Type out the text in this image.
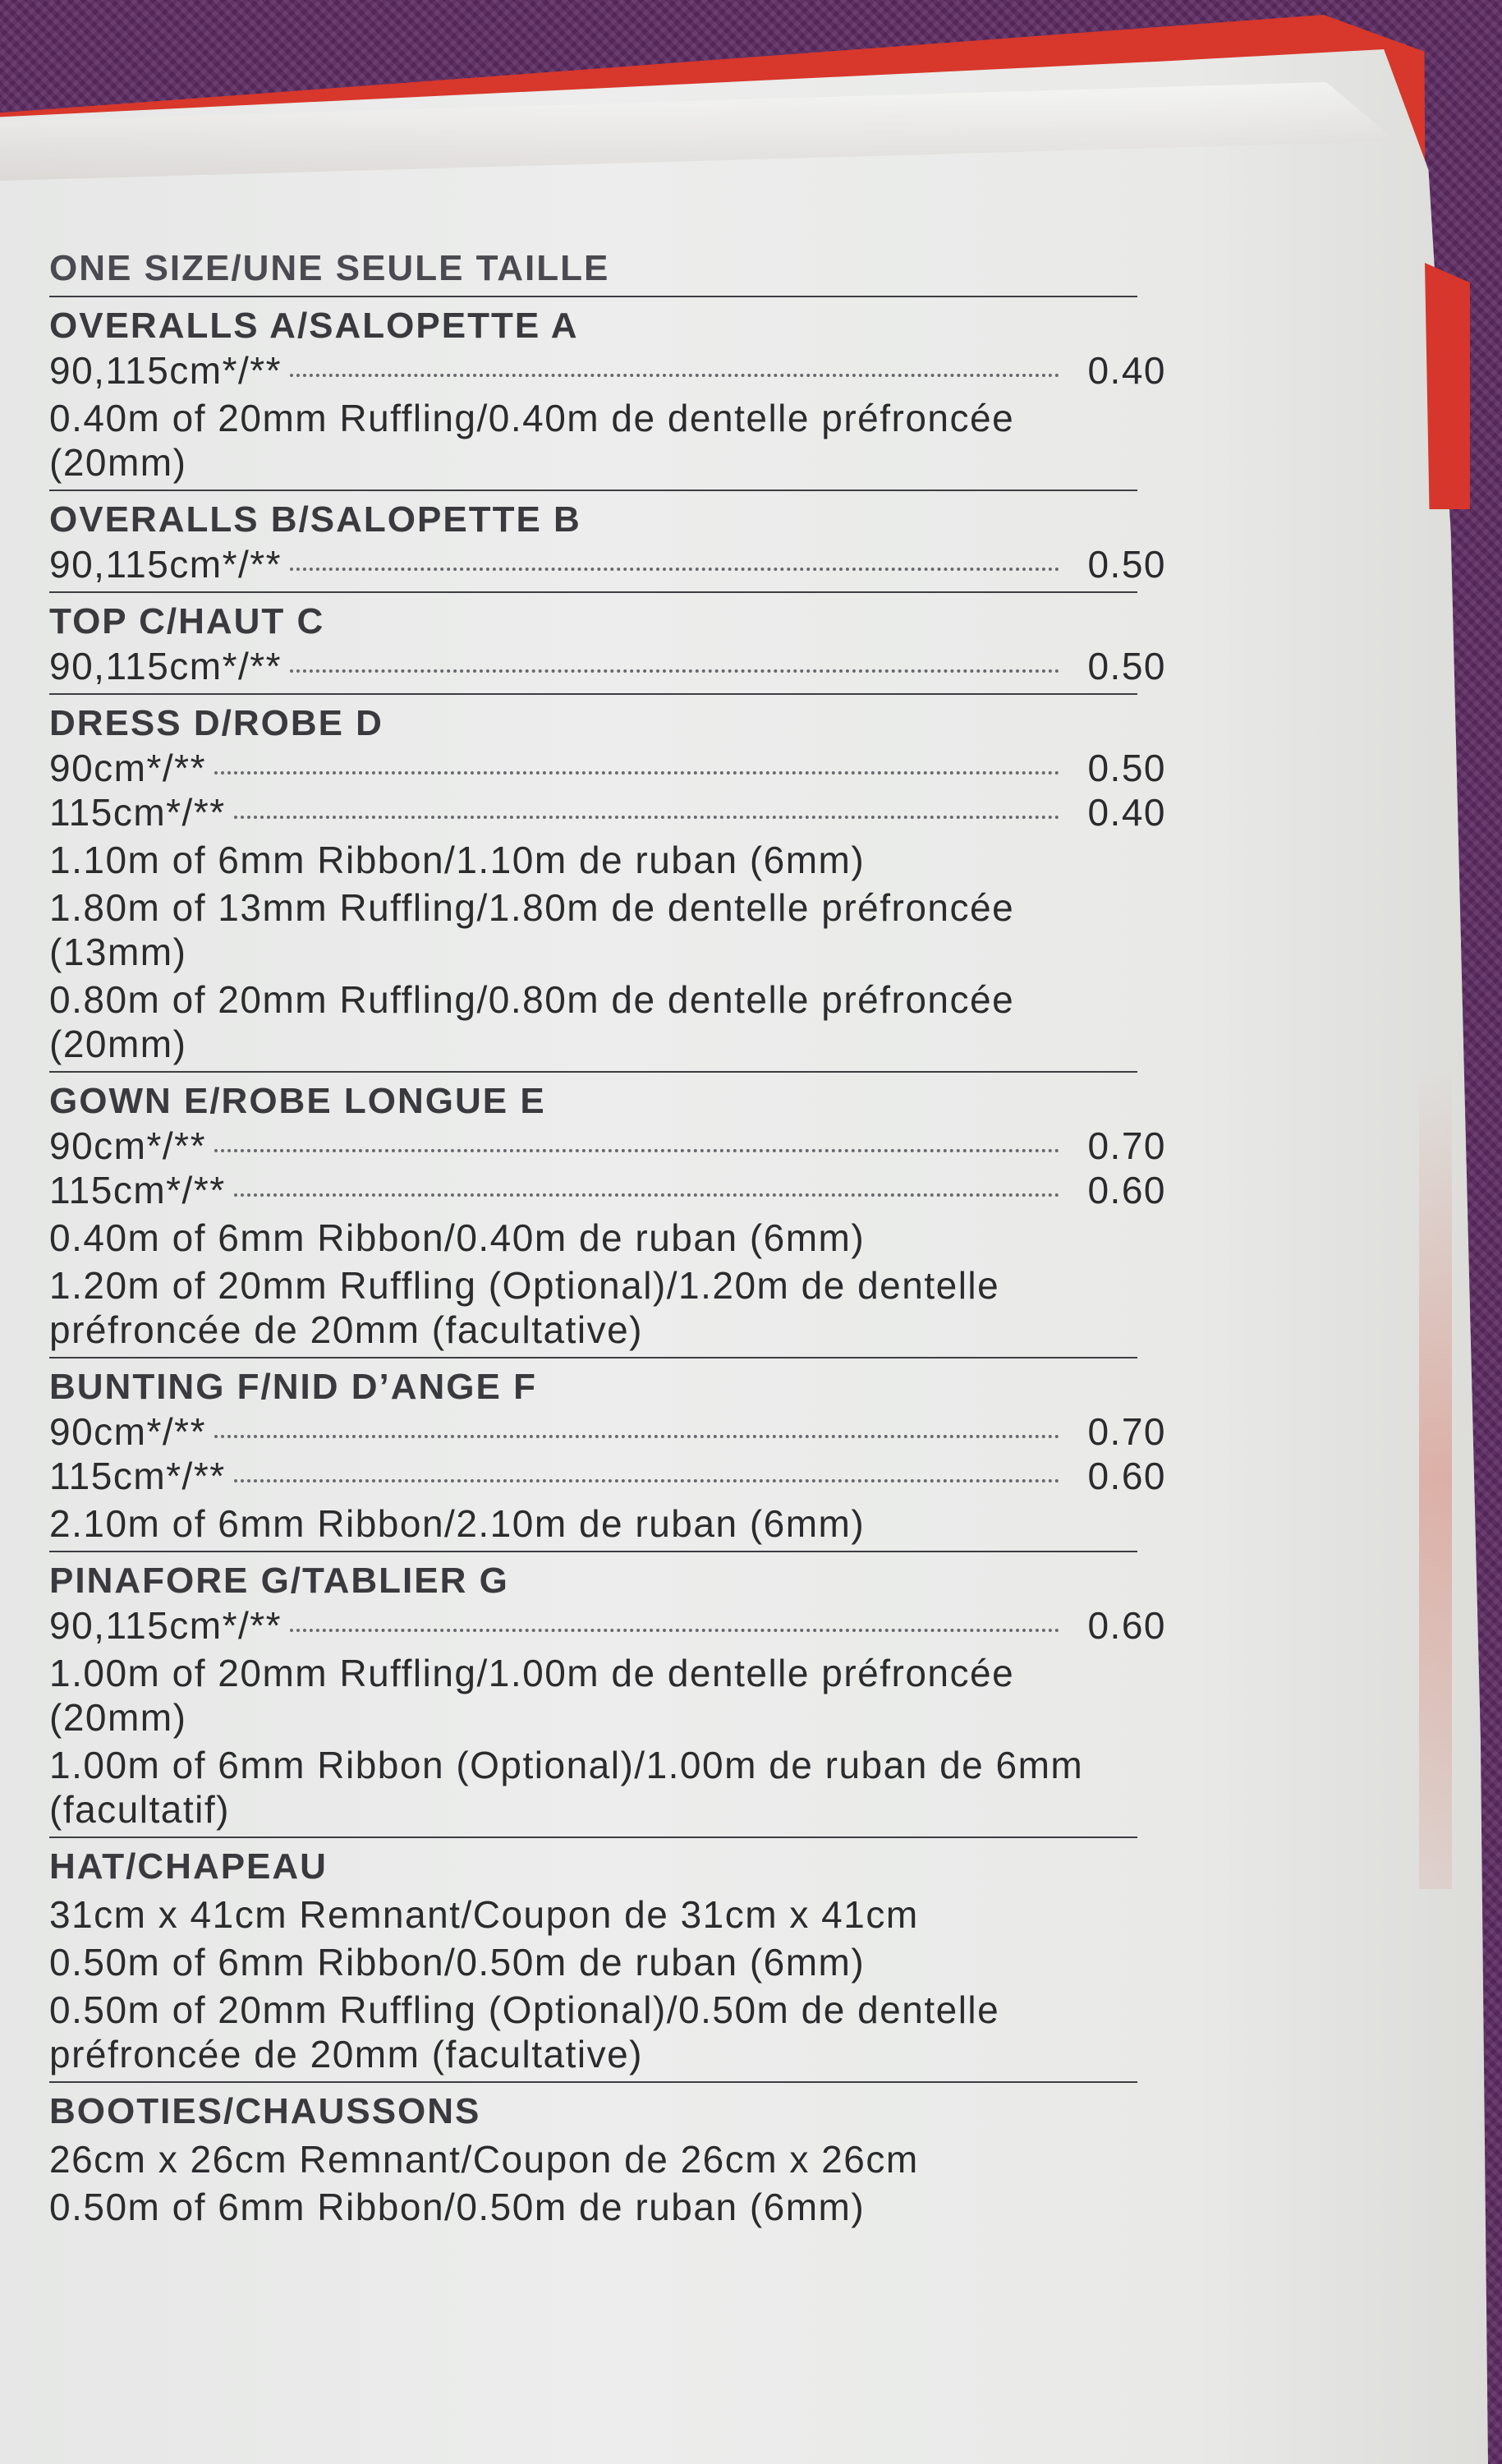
ONE SIZE/UNE SEULE TAILLE
OVERALLS A/SALOPETTE A
90,115cm*/**	0.40
0.40m of 20mm Ruffling/0.40m de dentelle préfroncée (20mm)
OVERALLS B/SALOPETTE B
90,115cm*/**	0.50
TOP C/HAUT C
90,115cm*/**	0.50
DRESS D/ROBE D
90cm*/**	0.50
115cm*/**	0.40
1.10m of 6mm Ribbon/1.10m de ruban (6mm)
1.80m of 13mm Ruffling/1.80m de dentelle préfroncée (13mm)
0.80m of 20mm Ruffling/0.80m de dentelle préfroncée (20mm)
GOWN E/ROBE LONGUE E
90cm*/**	0.70
115cm*/**	0.60
0.40m of 6mm Ribbon/0.40m de ruban (6mm)
1.20m of 20mm Ruffling (Optional)/1.20m de dentelle préfroncée de 20mm (facultative)
BUNTING F/NID D’ANGE F
90cm*/**	0.70
115cm*/**	0.60
2.10m of 6mm Ribbon/2.10m de ruban (6mm)
PINAFORE G/TABLIER G
90,115cm*/**	0.60
1.00m of 20mm Ruffling/1.00m de dentelle préfroncée (20mm)
1.00m of 6mm Ribbon (Optional)/1.00m de ruban de 6mm (facultatif)
HAT/CHAPEAU
31cm x 41cm Remnant/Coupon de 31cm x 41cm
0.50m of 6mm Ribbon/0.50m de ruban (6mm)
0.50m of 20mm Ruffling (Optional)/0.50m de dentelle préfroncée de 20mm (facultative)
BOOTIES/CHAUSSONS
26cm x 26cm Remnant/Coupon de 26cm x 26cm
0.50m of 6mm Ribbon/0.50m de ruban (6mm)
